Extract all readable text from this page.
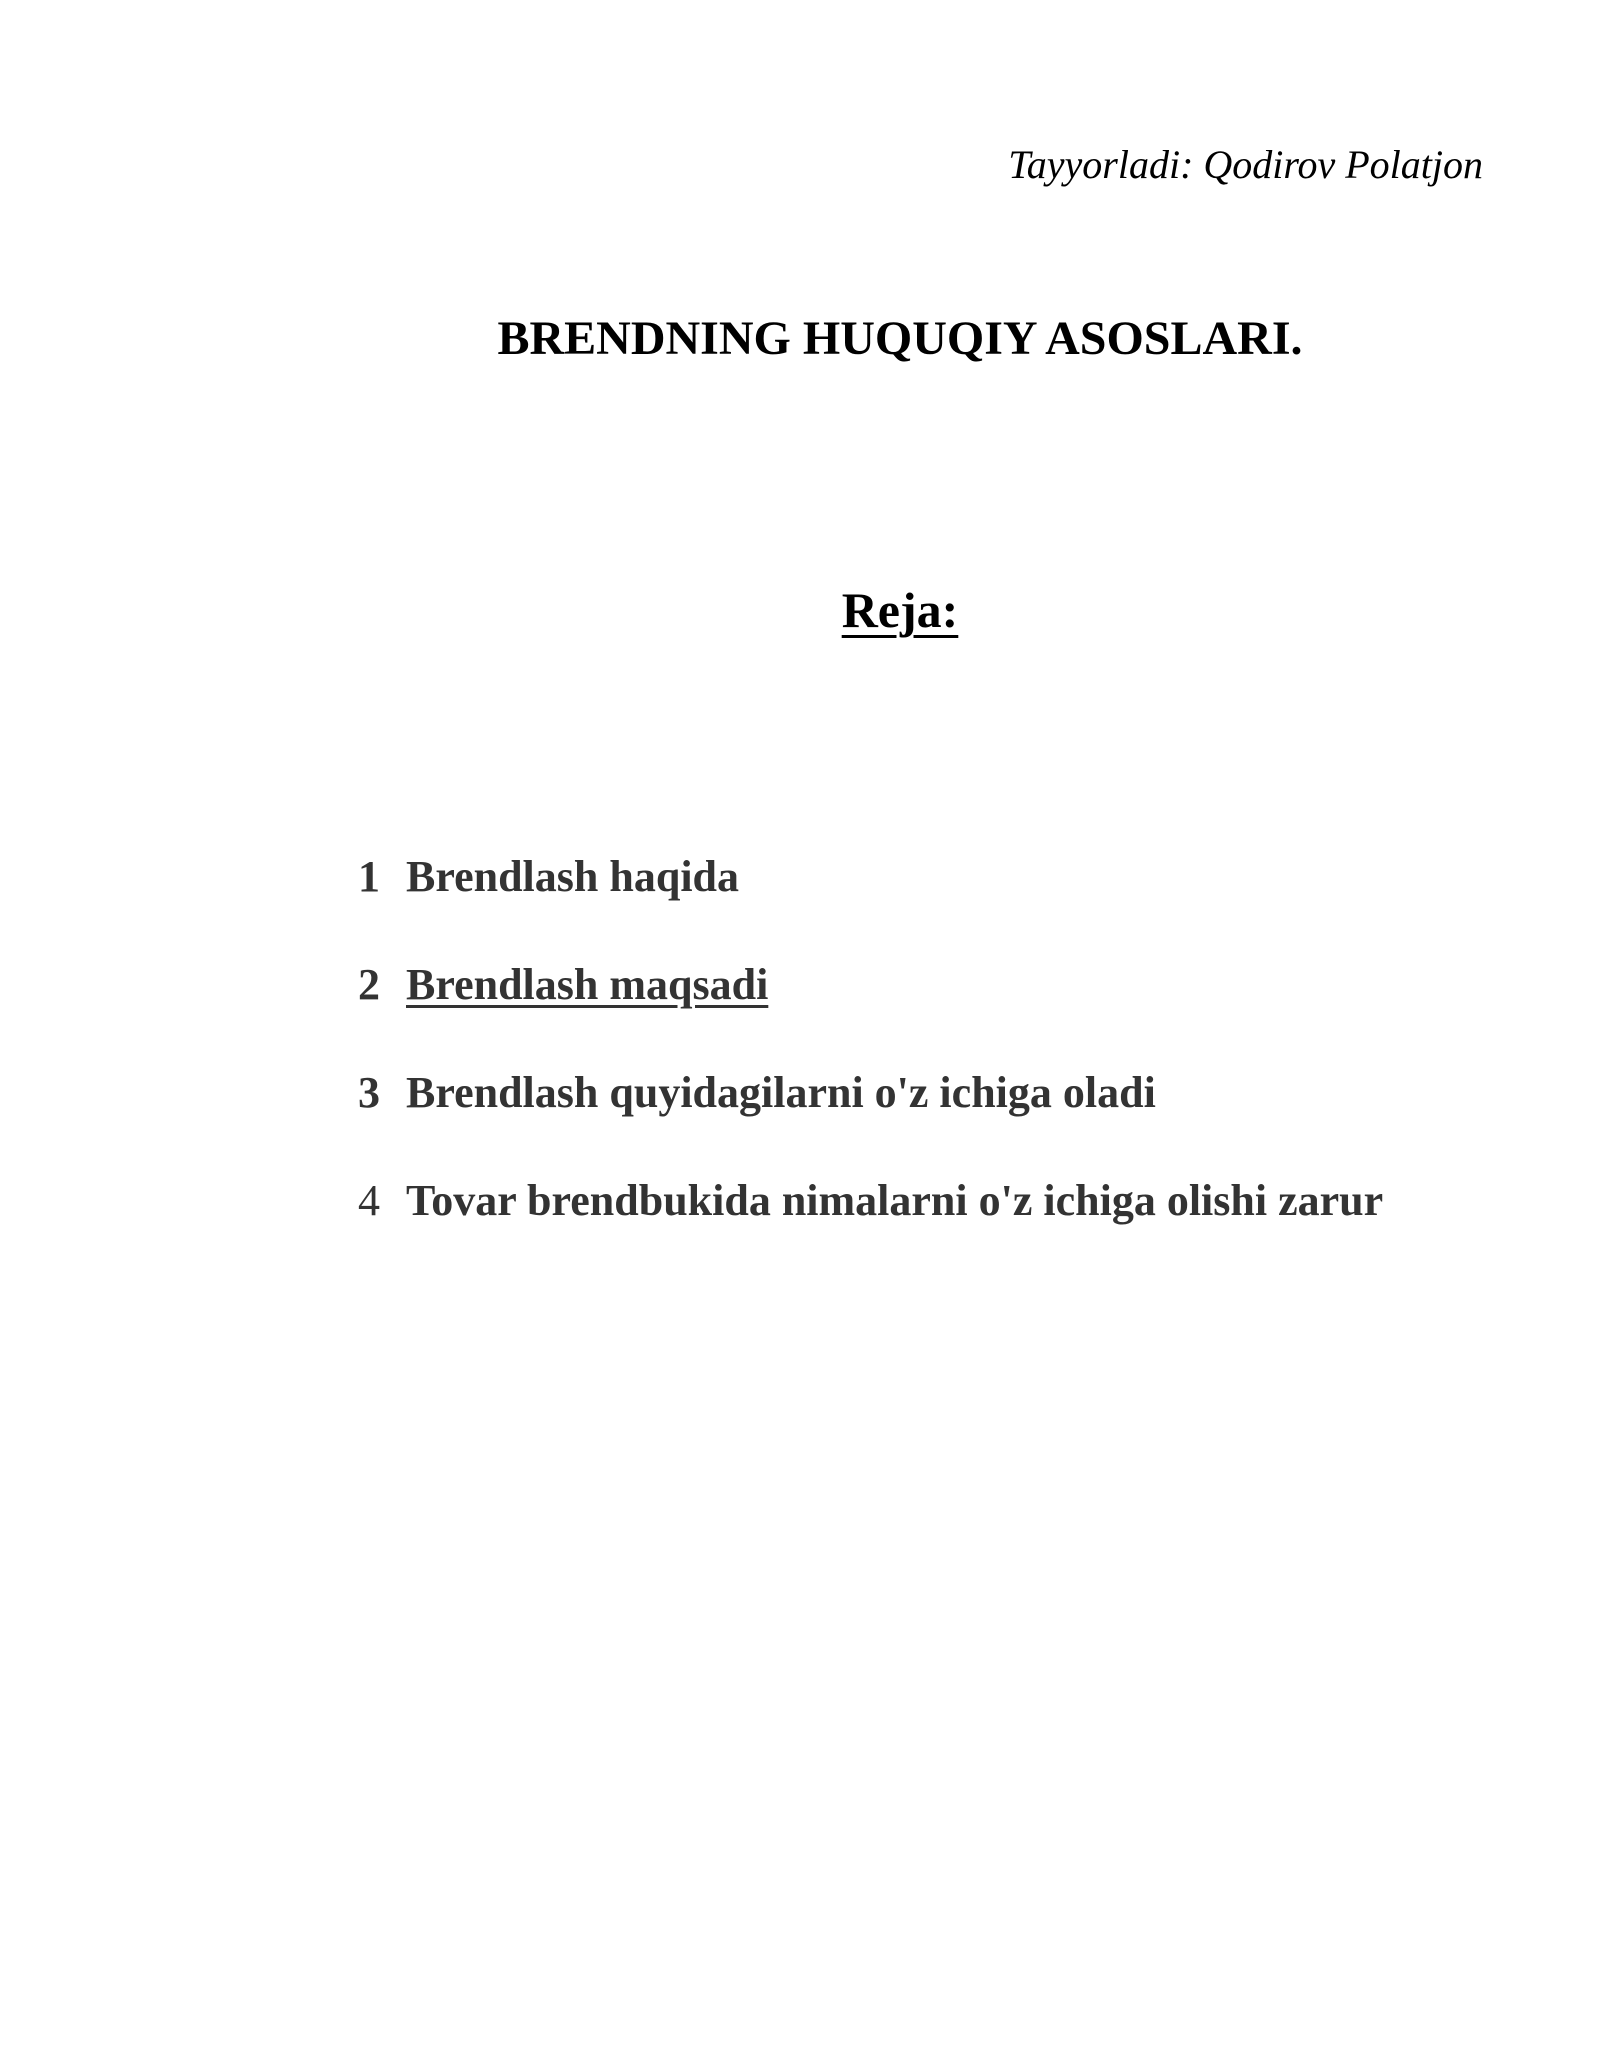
Tayyorladi: Qodirov Polatjon
BRENDNING HUQUQIY ASOSLARI.
Reja:
1 Brendlash haqida
2 Brendlash maqsadi
3 Brendlash quyidagilarni o'z ichiga oladi
4 Tovar brendbukida nimalarni o'z ichiga olishi zarur
